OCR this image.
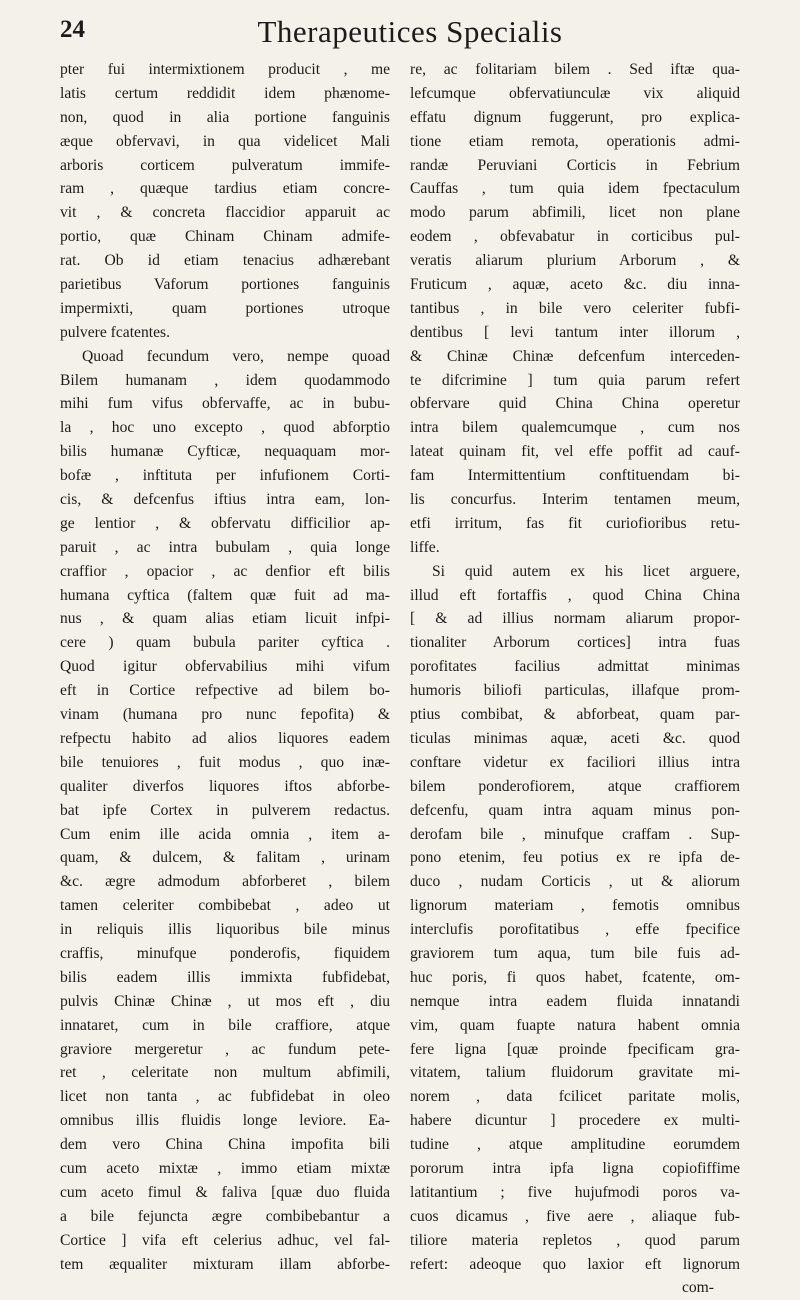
24	Therapeutices Specialis
pter fui intermixtionem producit , me
latis certum reddidit idem phænome-
non, quod in alia portione fanguinis
æque obfervavi, in qua videlicet Mali
arboris corticem pulveratum immife-
ram , quæque tardius etiam concre-
vit , & concreta flaccidior apparuit ac
portio, quæ Chinam Chinam admife-
rat. Ob id etiam tenacius adhærebant
parietibus Vaforum portiones fanguinis
impermixti, quam portiones utroque
pulvere fcatentes.
Quoad fecundum vero, nempe quoad
Bilem humanam , idem quodammodo
mihi fum vifus obfervaffe, ac in bubu-
la , hoc uno excepto , quod abforptio
bilis humanæ Cyfticæ, nequaquam mor-
bofæ , inftituta per infufionem Corti-
cis, & defcenfus iftius intra eam, lon-
ge lentior , & obfervatu difficilior ap-
paruit , ac intra bubulam , quia longe
craffior , opacior , ac denfior eft bilis
humana cyftica (faltem quæ fuit ad ma-
nus , & quam alias etiam licuit infpi-
cere ) quam bubula pariter cyftica .
Quod igitur obfervabilius mihi vifum
eft in Cortice refpective ad bilem bo-
vinam (humana pro nunc fepofita) &
refpectu habito ad alios liquores eadem
bile tenuiores , fuit modus , quo inæ-
qualiter diverfos liquores iftos abforbe-
bat ipfe Cortex in pulverem redactus.
Cum enim ille acida omnia , item a-
quam, & dulcem, & falitam , urinam
&c. ægre admodum abforberet , bilem
tamen celeriter combibebat , adeo ut
in reliquis illis liquoribus bile minus
craffis, minufque ponderofis, fiquidem
bilis eadem illis immixta fubfidebat,
pulvis Chinæ Chinæ , ut mos eft , diu
innataret, cum in bile craffiore, atque
graviore mergeretur , ac fundum pete-
ret , celeritate non multum abfimili,
licet non tanta , ac fubfidebat in oleo
omnibus illis fluidis longe leviore. Ea-
dem vero China China impofita bili
cum aceto mixtæ , immo etiam mixtæ
cum aceto fimul & faliva [quæ duo fluida
a bile fejuncta ægre combibebantur a
Cortice ] vifa eft celerius adhuc, vel fal-
tem æqualiter mixturam illam abforbe-
re, ac folitariam bilem . Sed iftæ qua-
lefcumque obfervatiunculæ vix aliquid
effatu dignum fuggerunt, pro explica-
tione etiam remota, operationis admi-
randæ Peruviani Corticis in Febrium
Cauffas , tum quia idem fpectaculum
modo parum abfimili, licet non plane
eodem , obfevabatur in corticibus pul-
veratis aliarum plurium Arborum , &
Fruticum , aquæ, aceto &c. diu inna-
tantibus , in bile vero celeriter fubfi-
dentibus [ levi tantum inter illorum ,
& Chinæ Chinæ defcenfum interceden-
te difcrimine ] tum quia parum refert
obfervare quid China China operetur
intra bilem qualemcumque , cum nos
lateat quinam fit, vel effe poffit ad cauf-
fam Intermittentium conftituendam bi-
lis concurfus. Interim tentamen meum,
etfi irritum, fas fit curiofioribus retu-
liffe.
Si quid autem ex his licet arguere,
illud eft fortaffis , quod China China
[ & ad illius normam aliarum propor-
tionaliter Arborum cortices] intra fuas
porofitates facilius admittat minimas
humoris biliofi particulas, illafque prom-
ptius combibat, & abforbeat, quam par-
ticulas minimas aquæ, aceti &c. quod
conftare videtur ex faciliori illius intra
bilem ponderofiorem, atque craffiorem
defcenfu, quam intra aquam minus pon-
derofam bile , minufque craffam . Sup-
pono etenim, feu potius ex re ipfa de-
duco , nudam Corticis , ut & aliorum
lignorum materiam , femotis omnibus
interclufis porofitatibus , effe fpecifice
graviorem tum aqua, tum bile fuis ad-
huc poris, fi quos habet, fcatente, om-
nemque intra eadem fluida innatandi
vim, quam fuapte natura habent omnia
fere ligna [quæ proinde fpecificam gra-
vitatem, talium fluidorum gravitate mi-
norem , data fcilicet paritate molis,
habere dicuntur ] procedere ex multi-
tudine , atque amplitudine eorumdem
pororum intra ipfa ligna copiofiffime
latitantium ; five hujufmodi poros va-
cuos dicamus , five aere , aliaque fub-
tiliore materia repletos , quod parum
refert: adeoque quo laxior eft lignorum
com-
